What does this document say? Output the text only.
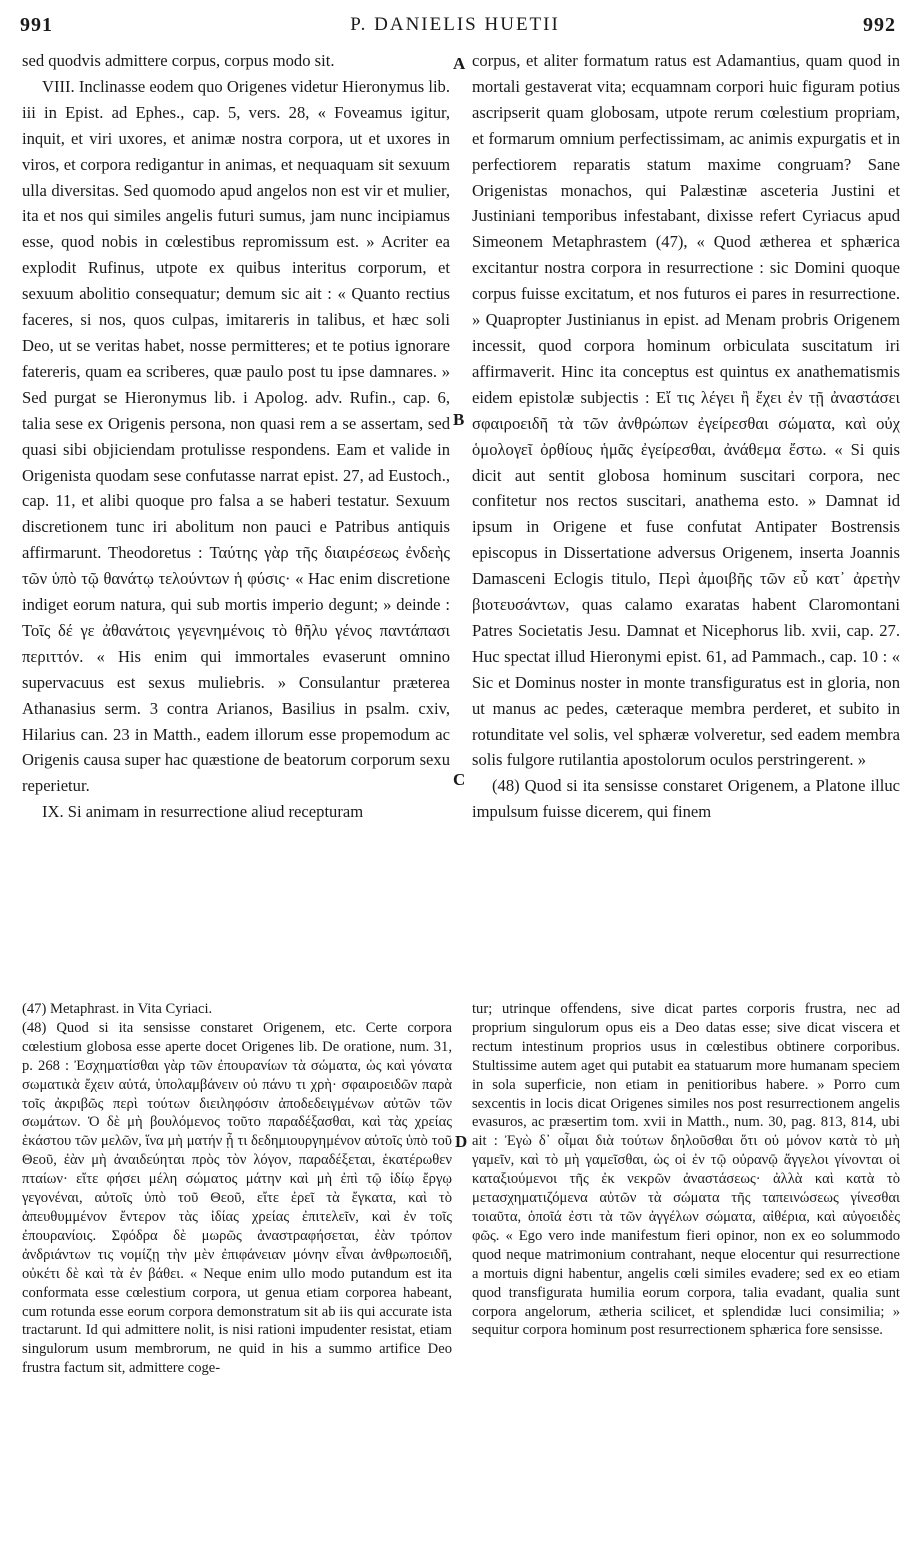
991	P. DANIELIS HUETII	992

sed quodvis admittere corpus, corpus modo sit.

VIII. Inclinasse eodem quo Origenes videtur Hieronymus lib. iii in Epist. ad Ephes., cap. 5, vers. 28, « Foveamus igitur, inquit, et viri uxores, et animæ nostra corpora, ut et uxores in viros, et corpora redigantur in animas, et nequaquam sit sexuum ulla diversitas. Sed quomodo apud angelos non est vir et mulier, ita et nos qui similes angelis futuri sumus, jam nunc incipiamus esse, quod nobis in cœlestibus repromissum est. » Acriter ea explodit Rufinus, utpote ex quibus interitus corporum, et sexuum abolitio consequatur; demum sic ait : « Quanto rectius faceres, si nos, quos culpas, imitareris in talibus, et hæc soli Deo, ut se veritas habet, nosse permitteres; et te potius ignorare fatereris, quam ea scriberes, quæ paulo post tu ipse damnares. » Sed purgat se Hieronymus lib. i Apolog. adv. Rufin., cap. 6, talia sese ex Origenis persona, non quasi rem a se assertam, sed quasi sibi objiciendam protulisse respondens. Eam et valide in Origenista quodam sese confutasse narrat epist. 27, ad Eustoch., cap. 11, et alibi quoque pro falsa a se haberi testatur. Sexuum discretionem tunc iri abolitum non pauci e Patribus antiquis affirmarunt. Theodoretus : Ταύτης γὰρ τῆς διαιρέσεως ἐνδεὴς τῶν ὑπὸ τῷ θανάτῳ τελούντων ἡ φύσις· « Hac enim discretione indiget eorum natura, qui sub mortis imperio degunt; » deinde : Τοῖς δέ γε ἀθανάτοις γεγενημένοις τὸ θῆλυ γένος παντάπασι περιττόν. « His enim qui immortales evaserunt omnino supervacuus est sexus muliebris. » Consulantur præterea Athanasius serm. 3 contra Arianos, Basilius in psalm. cxiv, Hilarius can. 23 in Matth., eadem illorum esse propemodum ac Origenis causa super hac quæstione de beatorum corporum sexu reperietur.

IX. Si animam in resurrectione aliud recepturam

corpus, et aliter formatum ratus est Adamantius, quam quod in mortali gestaverat vita; ecquamnam corpori huic figuram potius ascripserit quam globosam, utpote rerum cœlestium propriam, et formarum omnium perfectissimam, ac animis expurgatis et in perfectiorem reparatis statum maxime congruam? Sane Origenistas monachos, qui Palæstinæ asceteria Justini et Justiniani temporibus infestabant, dixisse refert Cyriacus apud Simeonem Metaphrastem (47), « Quod ætherea et sphærica excitantur nostra corpora in resurrectione : sic Domini quoque corpus fuisse excitatum, et nos futuros ei pares in resurrectione. » Quapropter Justinianus in epist. ad Menam probris Origenem incessit, quod corpora hominum orbiculata suscitatum iri affirmaverit. Hinc ita conceptus est quintus ex anathematismis eidem epistolæ subjectis : Εἴ τις λέγει ἢ ἔχει ἐν τῇ ἀναστάσει σφαιροειδῆ τὰ τῶν ἀνθρώπων ἐγείρεσθαι σώματα, καὶ οὐχ ὁμολογεῖ ὀρθίους ἡμᾶς ἐγείρεσθαι, ἀνάθεμα ἔστω. « Si quis dicit aut sentit globosa hominum suscitari corpora, nec confitetur nos rectos suscitari, anathema esto. » Damnat id ipsum in Origene et fuse confutat Antipater Bostrensis episcopus in Dissertatione adversus Origenem, inserta Joannis Damasceni Eclogis titulo, Περὶ ἀμοιβῆς τῶν εὖ κατ᾽ ἀρετὴν βιοτευσάντων, quas calamo exaratas habent Claromontani Patres Societatis Jesu. Damnat et Nicephorus lib. xvii, cap. 27. Huc spectat illud Hieronymi epist. 61, ad Pammach., cap. 10 : « Sic et Dominus noster in monte transfiguratus est in gloria, non ut manus ac pedes, cæteraque membra perderet, et subito in rotunditate vel solis, vel sphæræ volveretur, sed eadem membra solis fulgore rutilantia apostolorum oculos perstringerent. »

(48) Quod si ita sensisse constaret Origenem, a Platone illuc impulsum fuisse dicerem, qui finem

A
B
C
D

(47) Metaphrast. in Vita Cyriaci.

(48) Quod si ita sensisse constaret Origenem, etc. Certe corpora cœlestium globosa esse aperte docet Origenes lib. De oratione, num. 31, p. 268 : Ἐσχηματίσθαι γὰρ τῶν ἐπουρανίων τὰ σώματα, ὡς καὶ γόνατα σωματικὰ ἔχειν αὐτά, ὑπολαμβάνειν οὐ πάνυ τι χρὴ· σφαιροειδῶν παρὰ τοῖς ἀκριβῶς περὶ τούτων διειληφόσιν ἀποδεδειγμένων αὐτῶν τῶν σωμάτων. Ὁ δὲ μὴ βουλόμενος τοῦτο παραδέξασθαι, καὶ τὰς χρείας ἑκάστου τῶν μελῶν, ἵνα μὴ ματήν ᾖ τι δεδημιουργημένον αὐτοῖς ὑπὸ τοῦ Θεοῦ, ἐὰν μὴ ἀναιδεύηται πρὸς τὸν λόγον, παραδέξεται, ἑκατέρωθεν πταίων· εἴτε φήσει μέλη σώματος μάτην καὶ μὴ ἐπὶ τῷ ἰδίῳ ἔργῳ γεγονέναι, αὐτοῖς ὑπὸ τοῦ Θεοῦ, εἴτε ἐρεῖ τὰ ἔγκατα, καὶ τὸ ἀπευθυμμένον ἔντερον τὰς ἰδίας χρείας ἐπιτελεῖν, καὶ ἐν τοῖς ἐπουρανίοις. Σφόδρα δὲ μωρῶς ἀναστραφήσεται, ἐὰν τρόπον ἀνδριάντων τις νομίζῃ τὴν μὲν ἐπιφάνειαν μόνην εἶναι ἀνθρωποειδῆ, οὐκέτι δὲ καὶ τὰ ἐν βάθει. « Neque enim ullo modo putandum est ita conformata esse cœlestium corpora, ut genua etiam corporea habeant, cum rotunda esse eorum corpora demonstratum sit ab iis qui accurate ista tractarunt. Id qui admittere nolit, is nisi rationi impudenter resistat, etiam singulorum usum membrorum, ne quid in his a summo artifice Deo frustra factum sit, admittere coge-

tur; utrinque offendens, sive dicat partes corporis frustra, nec ad proprium singulorum opus eis a Deo datas esse; sive dicat viscera et rectum intestinum proprios usus in cœlestibus obtinere corporibus. Stultissime autem aget qui putabit ea statuarum more humanam speciem in sola superficie, non etiam in penitioribus habere. » Porro cum sexcentis in locis dicat Origenes similes nos post resurrectionem angelis evasuros, ac præsertim tom. xvii in Matth., num. 30, pag. 813, 814, ubi ait : Ἐγὼ δ᾽ οἶμαι διὰ τούτων δηλοῦσθαι ὅτι οὐ μόνον κατὰ τὸ μὴ γαμεῖν, καὶ τὸ μὴ γαμεῖσθαι, ὡς οἱ ἐν τῷ οὐρανῷ ἄγγελοι γίνονται οἱ καταξιούμενοι τῆς ἐκ νεκρῶν ἀναστάσεως· ἀλλὰ καὶ κατὰ τὸ μετασχηματιζόμενα αὐτῶν τὰ σώματα τῆς ταπεινώσεως γίνεσθαι τοιαῦτα, ὁποῖά ἐστι τὰ τῶν ἀγγέλων σώματα, αἰθέρια, καὶ αὐγοειδὲς φῶς. « Ego vero inde manifestum fieri opinor, non ex eo solummodo quod neque matrimonium contrahant, neque elocentur qui resurrectione a mortuis digni habentur, angelis cœli similes evadere; sed ex eo etiam quod transfigurata humilia eorum corpora, talia evadant, qualia sunt corpora angelorum, ætheria scilicet, et splendidæ luci consimilia; » sequitur corpora hominum post resurrectionem sphærica fore sensisse.
